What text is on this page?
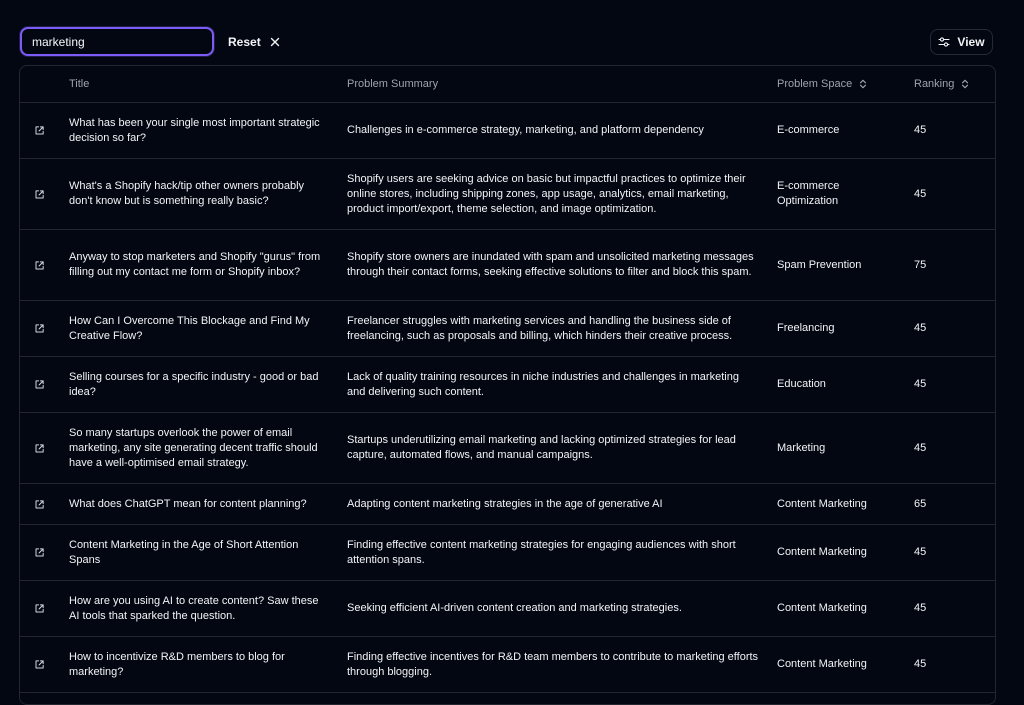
marketing
Reset	View
	Title	Problem Summary	Problem Space	Ranking

What has been your single most important strategic decision so far?	Challenges in e-commerce strategy, marketing, and platform dependency	E-commerce	45

What's a Shopify hack/tip other owners probably don't know but is something really basic?	Shopify users are seeking advice on basic but impactful practices to optimize their online stores, including shipping zones, app usage, analytics, email marketing, product import/export, theme selection, and image optimization.	E-commerce Optimization	45

Anyway to stop marketers and Shopify "gurus" from filling out my contact me form or Shopify inbox?	Shopify store owners are inundated with spam and unsolicited marketing messages through their contact forms, seeking effective solutions to filter and block this spam.	Spam Prevention	75

How Can I Overcome This Blockage and Find My Creative Flow?	Freelancer struggles with marketing services and handling the business side of freelancing, such as proposals and billing, which hinders their creative process.	Freelancing	45

Selling courses for a specific industry - good or bad idea?	Lack of quality training resources in niche industries and challenges in marketing and delivering such content.	Education	45

So many startups overlook the power of email marketing, any site generating decent traffic should have a well-optimised email strategy.	Startups underutilizing email marketing and lacking optimized strategies for lead capture, automated flows, and manual campaigns.	Marketing	45

What does ChatGPT mean for content planning?	Adapting content marketing strategies in the age of generative AI	Content Marketing	65

Content Marketing in the Age of Short Attention Spans	Finding effective content marketing strategies for engaging audiences with short attention spans.	Content Marketing	45

How are you using AI to create content? Saw these AI tools that sparked the question.	Seeking efficient AI-driven content creation and marketing strategies.	Content Marketing	45

How to incentivize R&D members to blog for marketing?	Finding effective incentives for R&D team members to contribute to marketing efforts through blogging.	Content Marketing	45
